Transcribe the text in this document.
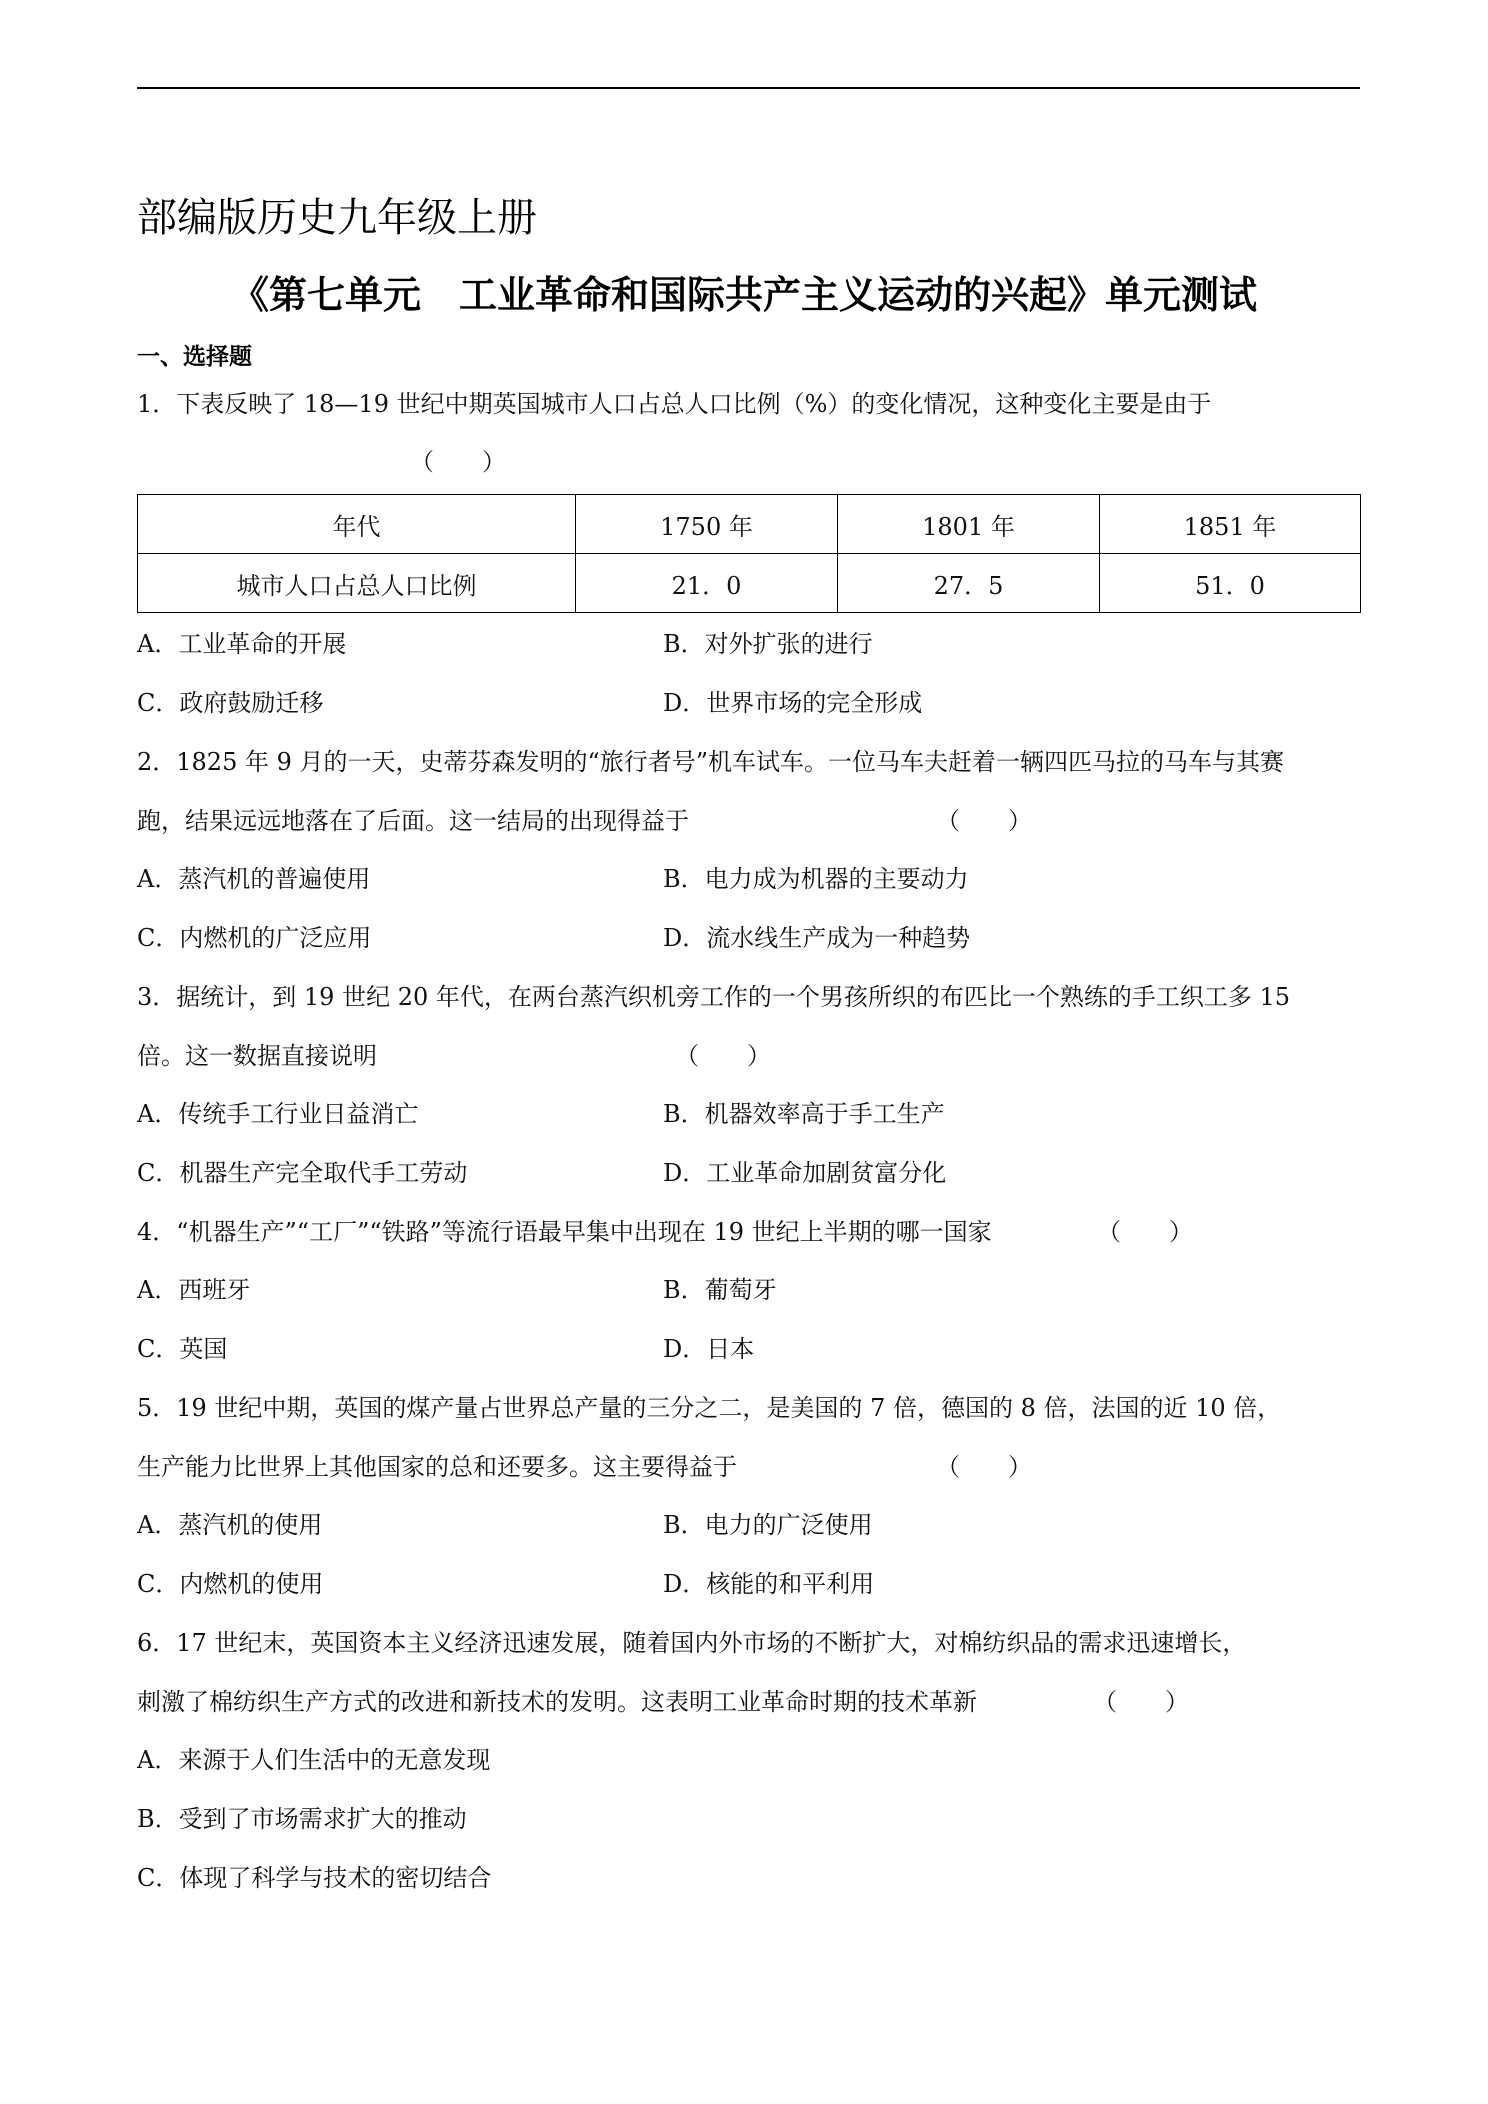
部编版历史九年级上册
《第七单元　工业革命和国际共产主义运动的兴起》单元测试
一、选择题
1．下表反映了 18—19 世纪中期英国城市人口占总人口比例（%）的变化情况，这种变化主要是由于
（　　）
年代	1750 年	1801 年	1851 年
城市人口占总人口比例	21．0	27．5	51．0
A．工业革命的开展	B．对外扩张的进行
C．政府鼓励迁移	D．世界市场的完全形成
2．1825 年 9 月的一天，史蒂芬森发明的“旅行者号”机车试车。一位马车夫赶着一辆四匹马拉的马车与其赛
跑，结果远远地落在了后面。这一结局的出现得益于	（　　）
A．蒸汽机的普遍使用	B．电力成为机器的主要动力
C．内燃机的广泛应用	D．流水线生产成为一种趋势
3．据统计，到 19 世纪 20 年代，在两台蒸汽织机旁工作的一个男孩所织的布匹比一个熟练的手工织工多 15
倍。这一数据直接说明	（　　）
A．传统手工行业日益消亡	B．机器效率高于手工生产
C．机器生产完全取代手工劳动	D．工业革命加剧贫富分化
4．“机器生产”“工厂”“铁路”等流行语最早集中出现在 19 世纪上半期的哪一国家	（　　）
A．西班牙	B．葡萄牙
C．英国	D．日本
5．19 世纪中期，英国的煤产量占世界总产量的三分之二，是美国的 7 倍，德国的 8 倍，法国的近 10 倍，
生产能力比世界上其他国家的总和还要多。这主要得益于	（　　）
A．蒸汽机的使用	B．电力的广泛使用
C．内燃机的使用	D．核能的和平利用
6．17 世纪末，英国资本主义经济迅速发展，随着国内外市场的不断扩大，对棉纺织品的需求迅速增长，
刺激了棉纺织生产方式的改进和新技术的发明。这表明工业革命时期的技术革新	（　　）
A．来源于人们生活中的无意发现
B．受到了市场需求扩大的推动
C．体现了科学与技术的密切结合
